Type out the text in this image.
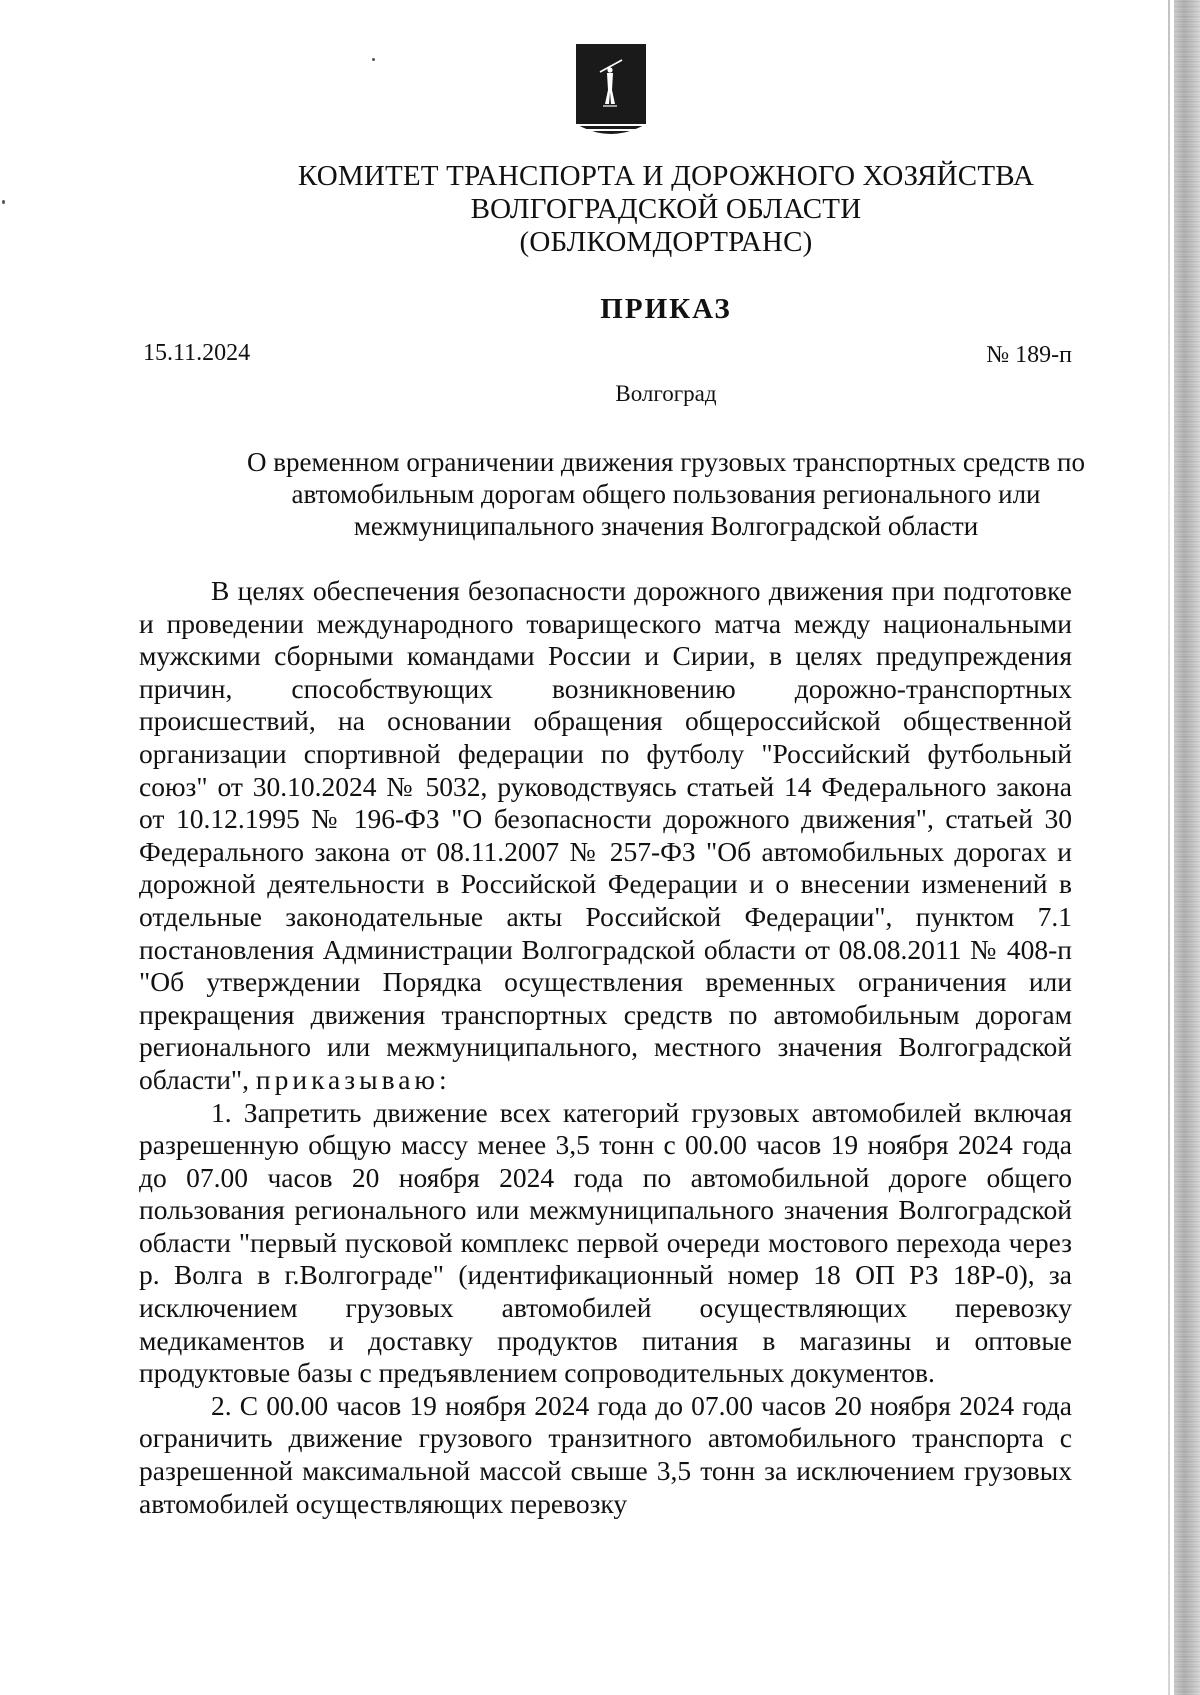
КОМИТЕТ ТРАНСПОРТА И ДОРОЖНОГО ХОЗЯЙСТВА
ВОЛГОГРАДСКОЙ ОБЛАСТИ
(ОБЛКОМДОРТРАНС)
ПРИКАЗ
15.11.2024	№ 189-п
Волгоград
О временном ограничении движения грузовых транспортных средств по
автомобильным дорогам общего пользования регионального или
межмуниципального значения Волгоградской области

В целях обеспечения безопасности дорожного движения при подготовке и проведении международного товарищеского матча между национальными мужскими сборными командами России и Сирии, в целях предупреждения причин, способствующих возникновению дорожно-транспортных происшествий, на основании обращения общероссийской общественной организации спортивной федерации по футболу "Российский футбольный союз" от 30.10.2024 № 5032, руководствуясь статьей 14 Федерального закона от 10.12.1995 № 196-ФЗ "О безопасности дорожного движения", статьей 30 Федерального закона от 08.11.2007 № 257-ФЗ "Об автомобильных дорогах и дорожной деятельности в Российской Федерации и о внесении изменений в отдельные законодательные акты Российской Федерации", пунктом 7.1 постановления Администрации Волгоградской области от 08.08.2011 № 408-п "Об утверждении Порядка осуществления временных ограничения или прекращения движения транспортных средств по автомобильным дорогам регионального или межмуниципального, местного значения Волгоградской области", приказываю:

1. Запретить движение всех категорий грузовых автомобилей включая разрешенную общую массу менее 3,5 тонн с 00.00 часов 19 ноября 2024 года до 07.00 часов 20 ноября 2024 года по автомобильной дороге общего пользования регионального или межмуниципального значения Волгоградской области "первый пусковой комплекс первой очереди мостового перехода через р. Волга в г.Волгограде" (идентификационный номер 18 ОП РЗ 18Р-0), за исключением грузовых автомобилей осуществляющих перевозку медикаментов и доставку продуктов питания в магазины и оптовые продуктовые базы с предъявлением сопроводительных документов.

2. С 00.00 часов 19 ноября 2024 года до 07.00 часов 20 ноября 2024 года ограничить движение грузового транзитного автомобильного транспорта с разрешенной максимальной массой свыше 3,5 тонн за исключением грузовых автомобилей осуществляющих перевозку
